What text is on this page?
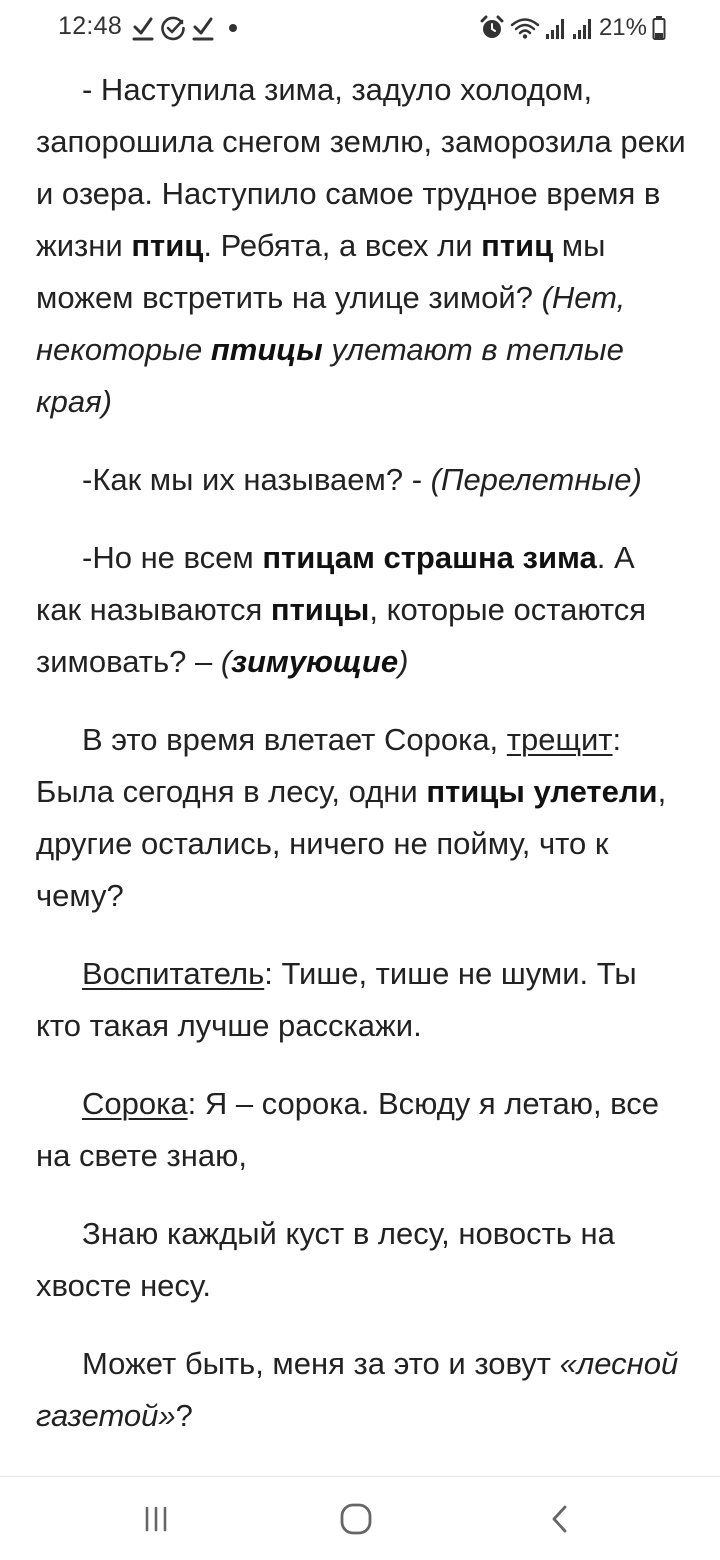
12:48	21%

- Наступила зима, задуло холодом, запорошила снегом землю, заморозила реки и озера. Наступило самое трудное время в жизни птиц. Ребята, а всех ли птиц мы можем встретить на улице зимой? (Нет, некоторые птицы улетают в теплые края)

-Как мы их называем? - (Перелетные)

-Но не всем птицам страшна зима. А как называются птицы, которые остаются зимовать? – (зимующие)

В это время влетает Сорока, трещит: Была сегодня в лесу, одни птицы улетели, другие остались, ничего не пойму, что к чему?

Воспитатель: Тише, тише не шуми. Ты кто такая лучше расскажи.

Сорока: Я – сорока. Всюду я летаю, все на свете знаю,

Знаю каждый куст в лесу, новость на хвосте несу.

Может быть, меня за это и зовут «лесной газетой»?
